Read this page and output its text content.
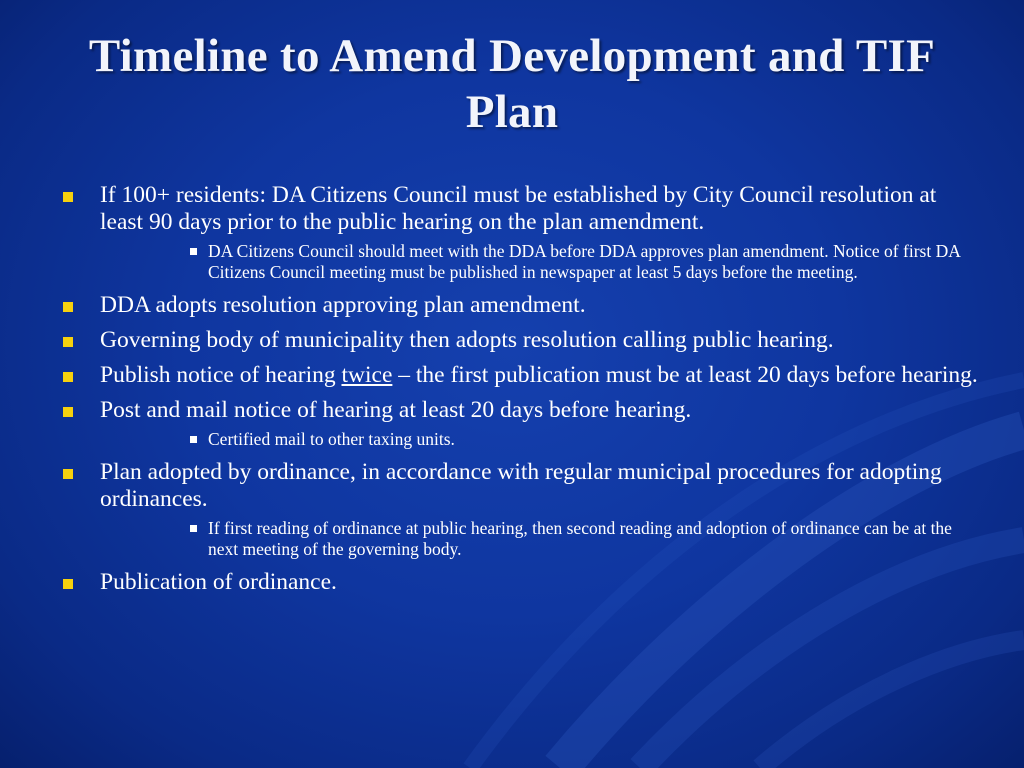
Timeline to Amend Development and TIF Plan
If 100+ residents: DA Citizens Council must be established by City Council resolution at least 90 days prior to the public hearing on the plan amendment.
DA Citizens Council should meet with the DDA before DDA approves plan amendment. Notice of first DA Citizens Council meeting must be published in newspaper at least 5 days before the meeting.
DDA adopts resolution approving plan amendment.
Governing body of municipality then adopts resolution calling public hearing.
Publish notice of hearing twice – the first publication must be at least 20 days before hearing.
Post and mail notice of hearing at least 20 days before hearing.
Certified mail to other taxing units.
Plan adopted by ordinance, in accordance with regular municipal procedures for adopting ordinances.
If first reading of ordinance at public hearing, then second reading and adoption of ordinance can be at the next meeting of the governing body.
Publication of ordinance.
